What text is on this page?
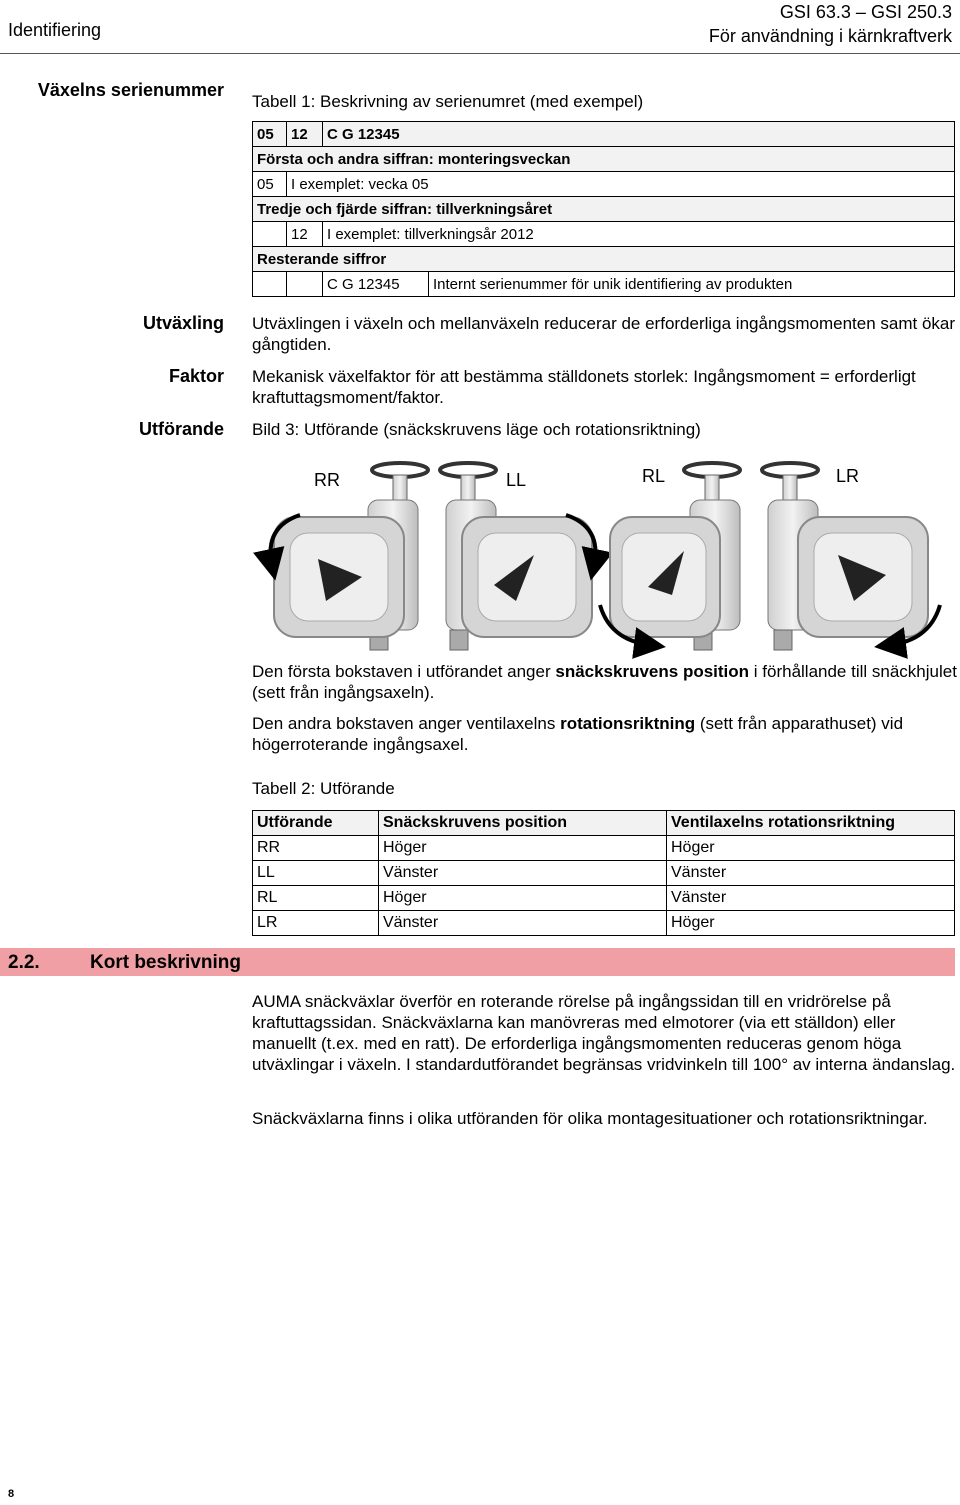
Identifiering
GSI 63.3 – GSI 250.3
För användning i kärnkraftverk
Växelns serienummer
Utväxling
Faktor
Utförande
Tabell 1: Beskrivning av serienumret (med exempel)
05	12	C G 12345	
Första och andra siffran: monteringsveckan			
05	I exemplet: vecka 05		
Tredje och fjärde siffran: tillverkningsåret			
	12	I exemplet: tillverkningsår 2012	
Resterande siffror			
		C G 12345	Internt serienummer för unik identifiering av produkten
Utväxlingen i växeln och mellanväxeln reducerar de erforderliga ingångsmomenten samt ökar gångtiden.
Mekanisk växelfaktor för att bestämma ställdonets storlek: Ingångsmoment = erforderligt kraftuttagsmoment/faktor.
Bild 3: Utförande (snäckskruvens läge och rotationsriktning)
RR	LL	RL	LR
Den första bokstaven i utförandet anger snäckskruvens position i förhållande till snäckhjulet (sett från ingångsaxeln).
Den andra bokstaven anger ventilaxelns rotationsriktning (sett från apparathuset) vid högerroterande ingångsaxel.
Tabell 2: Utförande
Utförande	Snäckskruvens position	Ventilaxelns rotationsriktning
RR	Höger	Höger
LL	Vänster	Vänster
RL	Höger	Vänster
LR	Vänster	Höger
2.2.	Kort beskrivning
AUMA snäckväxlar överför en roterande rörelse på ingångssidan till en vridrörelse på kraftuttagssidan. Snäckväxlarna kan manövreras med elmotorer (via ett ställdon) eller manuellt (t.ex. med en ratt). De erforderliga ingångsmomenten reduceras genom höga utväxlingar i växeln. I standardutförandet begränsas vridvinkeln till 100° av interna ändanslag.
Snäckväxlarna finns i olika utföranden för olika montagesituationer och rotationsriktningar.
8
